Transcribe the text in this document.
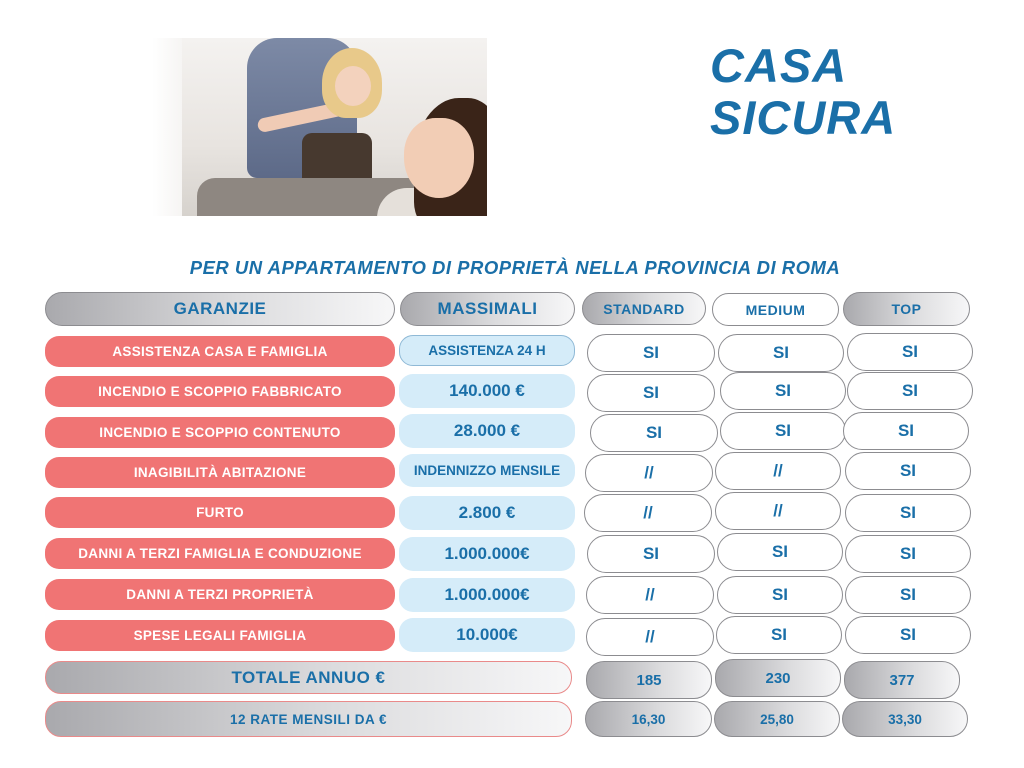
CASA
SICURA
PER UN APPARTAMENTO DI PROPRIETÀ NELLA PROVINCIA DI ROMA
GARANZIE	MASSIMALI	STANDARD	MEDIUM	TOP
ASSISTENZA CASA E FAMIGLIA	ASSISTENZA 24 H	SI	SI	SI
INCENDIO E SCOPPIO FABBRICATO	140.000 €	SI	SI	SI
INCENDIO E SCOPPIO CONTENUTO	28.000 €	SI	SI	SI
INAGIBILITÀ ABITAZIONE	INDENNIZZO MENSILE	//	//	SI
FURTO	2.800 €	//	//	SI
DANNI A TERZI FAMIGLIA E CONDUZIONE	1.000.000€	SI	SI	SI
DANNI A TERZI PROPRIETÀ	1.000.000€	//	SI	SI
SPESE LEGALI FAMIGLIA	10.000€	//	SI	SI
TOTALE ANNUO €	185	230	377
12 RATE MENSILI DA €	16,30	25,80	33,30
